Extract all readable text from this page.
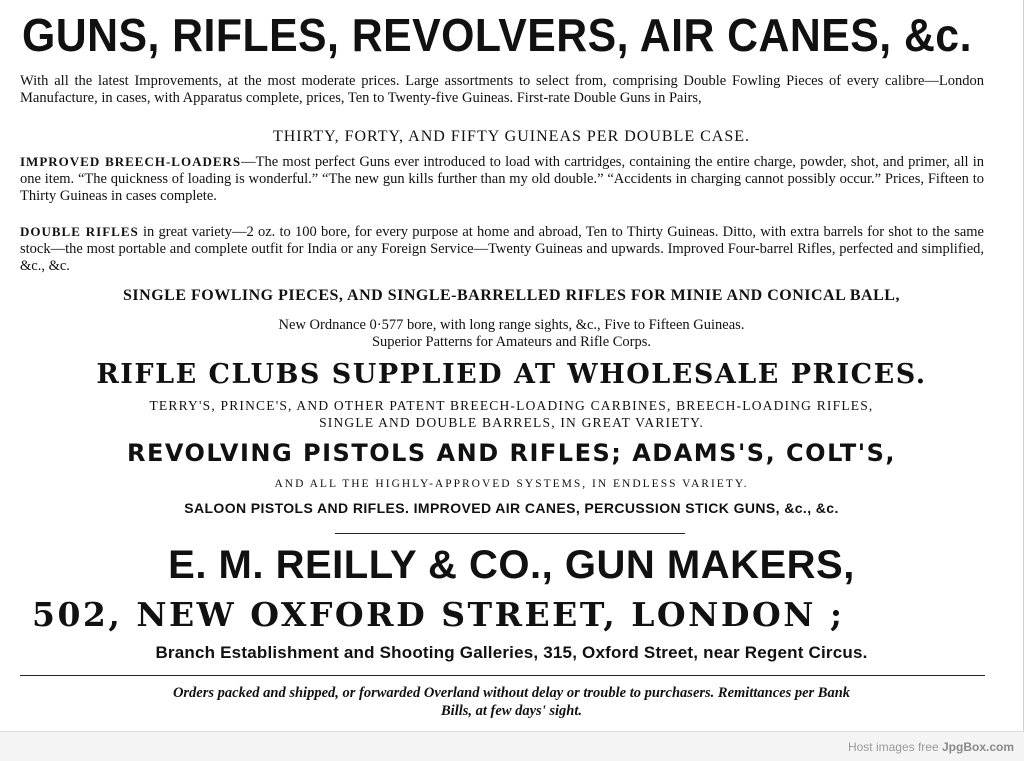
GUNS, RIFLES, REVOLVERS, AIR CANES, &c.
With all the latest Improvements, at the most moderate prices. Large assortments to select from, comprising Double Fowling Pieces of every calibre—London Manufacture, in cases, with Apparatus complete, prices, Ten to Twenty-five Guineas. First-rate Double Guns in Pairs,
THIRTY, FORTY, AND FIFTY GUINEAS PER DOUBLE CASE.
IMPROVED BREECH-LOADERS—The most perfect Guns ever introduced to load with cartridges, containing the entire charge, powder, shot, and primer, all in one item. “The quickness of loading is wonderful.” “The new gun kills further than my old double.” “Accidents in charging cannot possibly occur.” Prices, Fifteen to Thirty Guineas in cases complete.
DOUBLE RIFLES in great variety—2 oz. to 100 bore, for every purpose at home and abroad, Ten to Thirty Guineas. Ditto, with extra barrels for shot to the same stock—the most portable and complete outfit for India or any Foreign Service—Twenty Guineas and upwards. Improved Four-barrel Rifles, perfected and simplified, &c., &c.
SINGLE FOWLING PIECES, AND SINGLE-BARRELLED RIFLES FOR MINIE AND CONICAL BALL,
New Ordnance 0·577 bore, with long range sights, &c., Five to Fifteen Guineas.
Superior Patterns for Amateurs and Rifle Corps.
RIFLE CLUBS SUPPLIED AT WHOLESALE PRICES.
TERRY'S, PRINCE'S, AND OTHER PATENT BREECH-LOADING CARBINES, BREECH-LOADING RIFLES,
SINGLE AND DOUBLE BARRELS, IN GREAT VARIETY.
REVOLVING PISTOLS AND RIFLES; ADAMS'S, COLT'S,
AND ALL THE HIGHLY-APPROVED SYSTEMS, IN ENDLESS VARIETY.
SALOON PISTOLS AND RIFLES. IMPROVED AIR CANES, PERCUSSION STICK GUNS, &c., &c.
E. M. REILLY & CO., GUN MAKERS,
502, NEW OXFORD STREET, LONDON ;
Branch Establishment and Shooting Galleries, 315, Oxford Street, near Regent Circus.
Orders packed and shipped, or forwarded Overland without delay or trouble to purchasers. Remittances per Bank
Bills, at few days' sight.
Host images free JpgBox.com
